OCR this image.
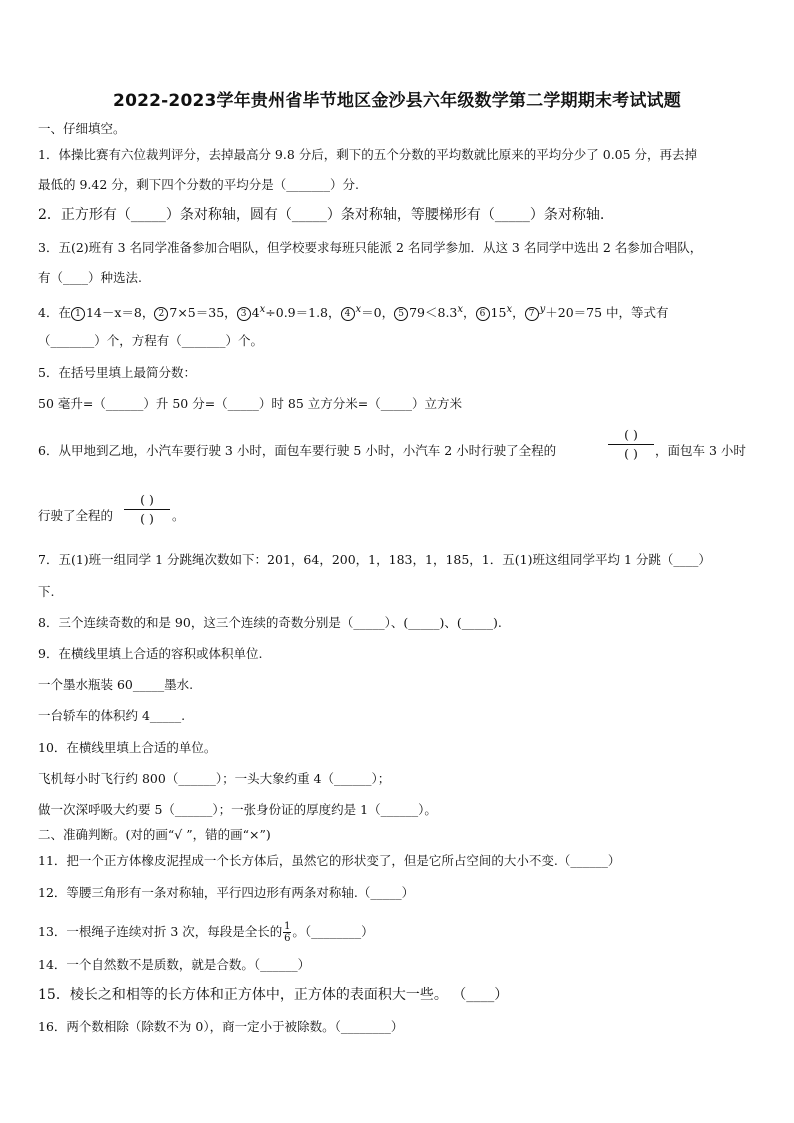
2022-2023学年贵州省毕节地区金沙县六年级数学第二学期期末考试试题
一、仔细填空。
1．体操比赛有六位裁判评分，去掉最高分 9.8 分后，剩下的五个分数的平均数就比原来的平均分少了 0.05 分，再去掉
最低的 9.42 分，剩下四个分数的平均分是（_______）分.
2．正方形有（_____）条对称轴，圆有（_____）条对称轴，等腰梯形有（_____）条对称轴.
3．五(2)班有 3 名同学准备参加合唱队，但学校要求每班只能派 2 名同学参加．从这 3 名同学中选出 2 名参加合唱队，
有（____）种选法.
4．在 1 14－x＝8， 2 7×5＝35， 3 $4^x\div 0.9=1.8$， 4 $^x$＝0， 5 $79<8.3^x$， 6 15$^x$， 7 $^y$＋20＝75 中，等式有
（_______）个，方程有（_______）个。
5．在括号里填上最简分数：
50 毫升=（______）升 50 分=（_____）时 85 立方分米=（_____）立方米
6．从甲地到乙地，小汽车要行驶 3 小时，面包车要行驶 5 小时，小汽车 2 小时行驶了全程的
( )
( )	，面包车 3 小时
行驶了全程的
( )
( )	。
7．五(1)班一组同学 1 分跳绳次数如下：201，64，200，1，183，1，185，1．五(1)班这组同学平均 1 分跳（____）
下.
8．三个连续奇数的和是 90，这三个连续的奇数分别是（_____）、(_____)、(_____).
9．在横线里填上合适的容积或体积单位.
一个墨水瓶装 60_____墨水.
一台轿车的体积约 4_____.
10．在横线里填上合适的单位。
飞机每小时飞行约 800（______）；一头大象约重 4（______）；
做一次深呼吸大约要 5（______）；一张身份证的厚度约是 1（______）。
二、准确判断。(对的画“√ ”，错的画“×”)
11．把一个正方体橡皮泥捏成一个长方体后，虽然它的形状变了，但是它所占空间的大小不变.（______）
12．等腰三角形有一条对称轴，平行四边形有两条对称轴.（_____）
13．一根绳子连续对折 3 次，每段是全长的 $\frac{1}{6}$ 。（________）
14．一个自然数不是质数，就是合数。（______）
15．棱长之和相等的长方体和正方体中，正方体的表面积大一些。 （____）
16．两个数相除（除数不为 0），商一定小于被除数。（________）
